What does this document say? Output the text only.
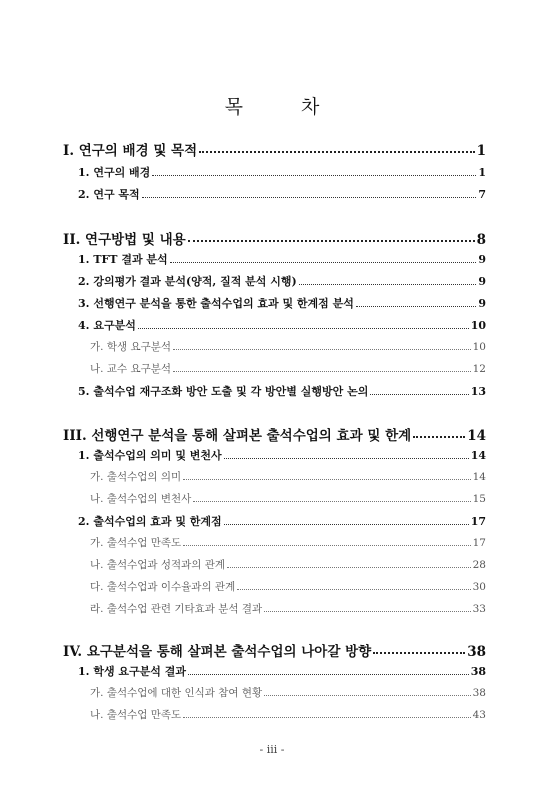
목 차
I. 연구의 배경 및 목적	1
1. 연구의 배경	1
2. 연구 목적	7
II. 연구방법 및 내용	8
1. TFT 결과 분석	9
2. 강의평가 결과 분석(양적, 질적 분석 시행)	9
3. 선행연구 분석을 통한 출석수업의 효과 및 한계점 분석	9
4. 요구분석	10
가. 학생 요구분석	10
나. 교수 요구분석	12
5. 출석수업 재구조화 방안 도출 및 각 방안별 실행방안 논의	13
III. 선행연구 분석을 통해 살펴본 출석수업의 효과 및 한계	14
1. 출석수업의 의미 및 변천사	14
가. 출석수업의 의미	14
나. 출석수업의 변천사	15
2. 출석수업의 효과 및 한계점	17
가. 출석수업 만족도	17
나. 출석수업과 성적과의 관계	28
다. 출석수업과 이수율과의 관계	30
라. 출석수업 관련 기타효과 분석 결과	33
IV. 요구분석을 통해 살펴본 출석수업의 나아갈 방향	38
1. 학생 요구분석 결과	38
가. 출석수업에 대한 인식과 참여 현황	38
나. 출석수업 만족도	43
- iii -
